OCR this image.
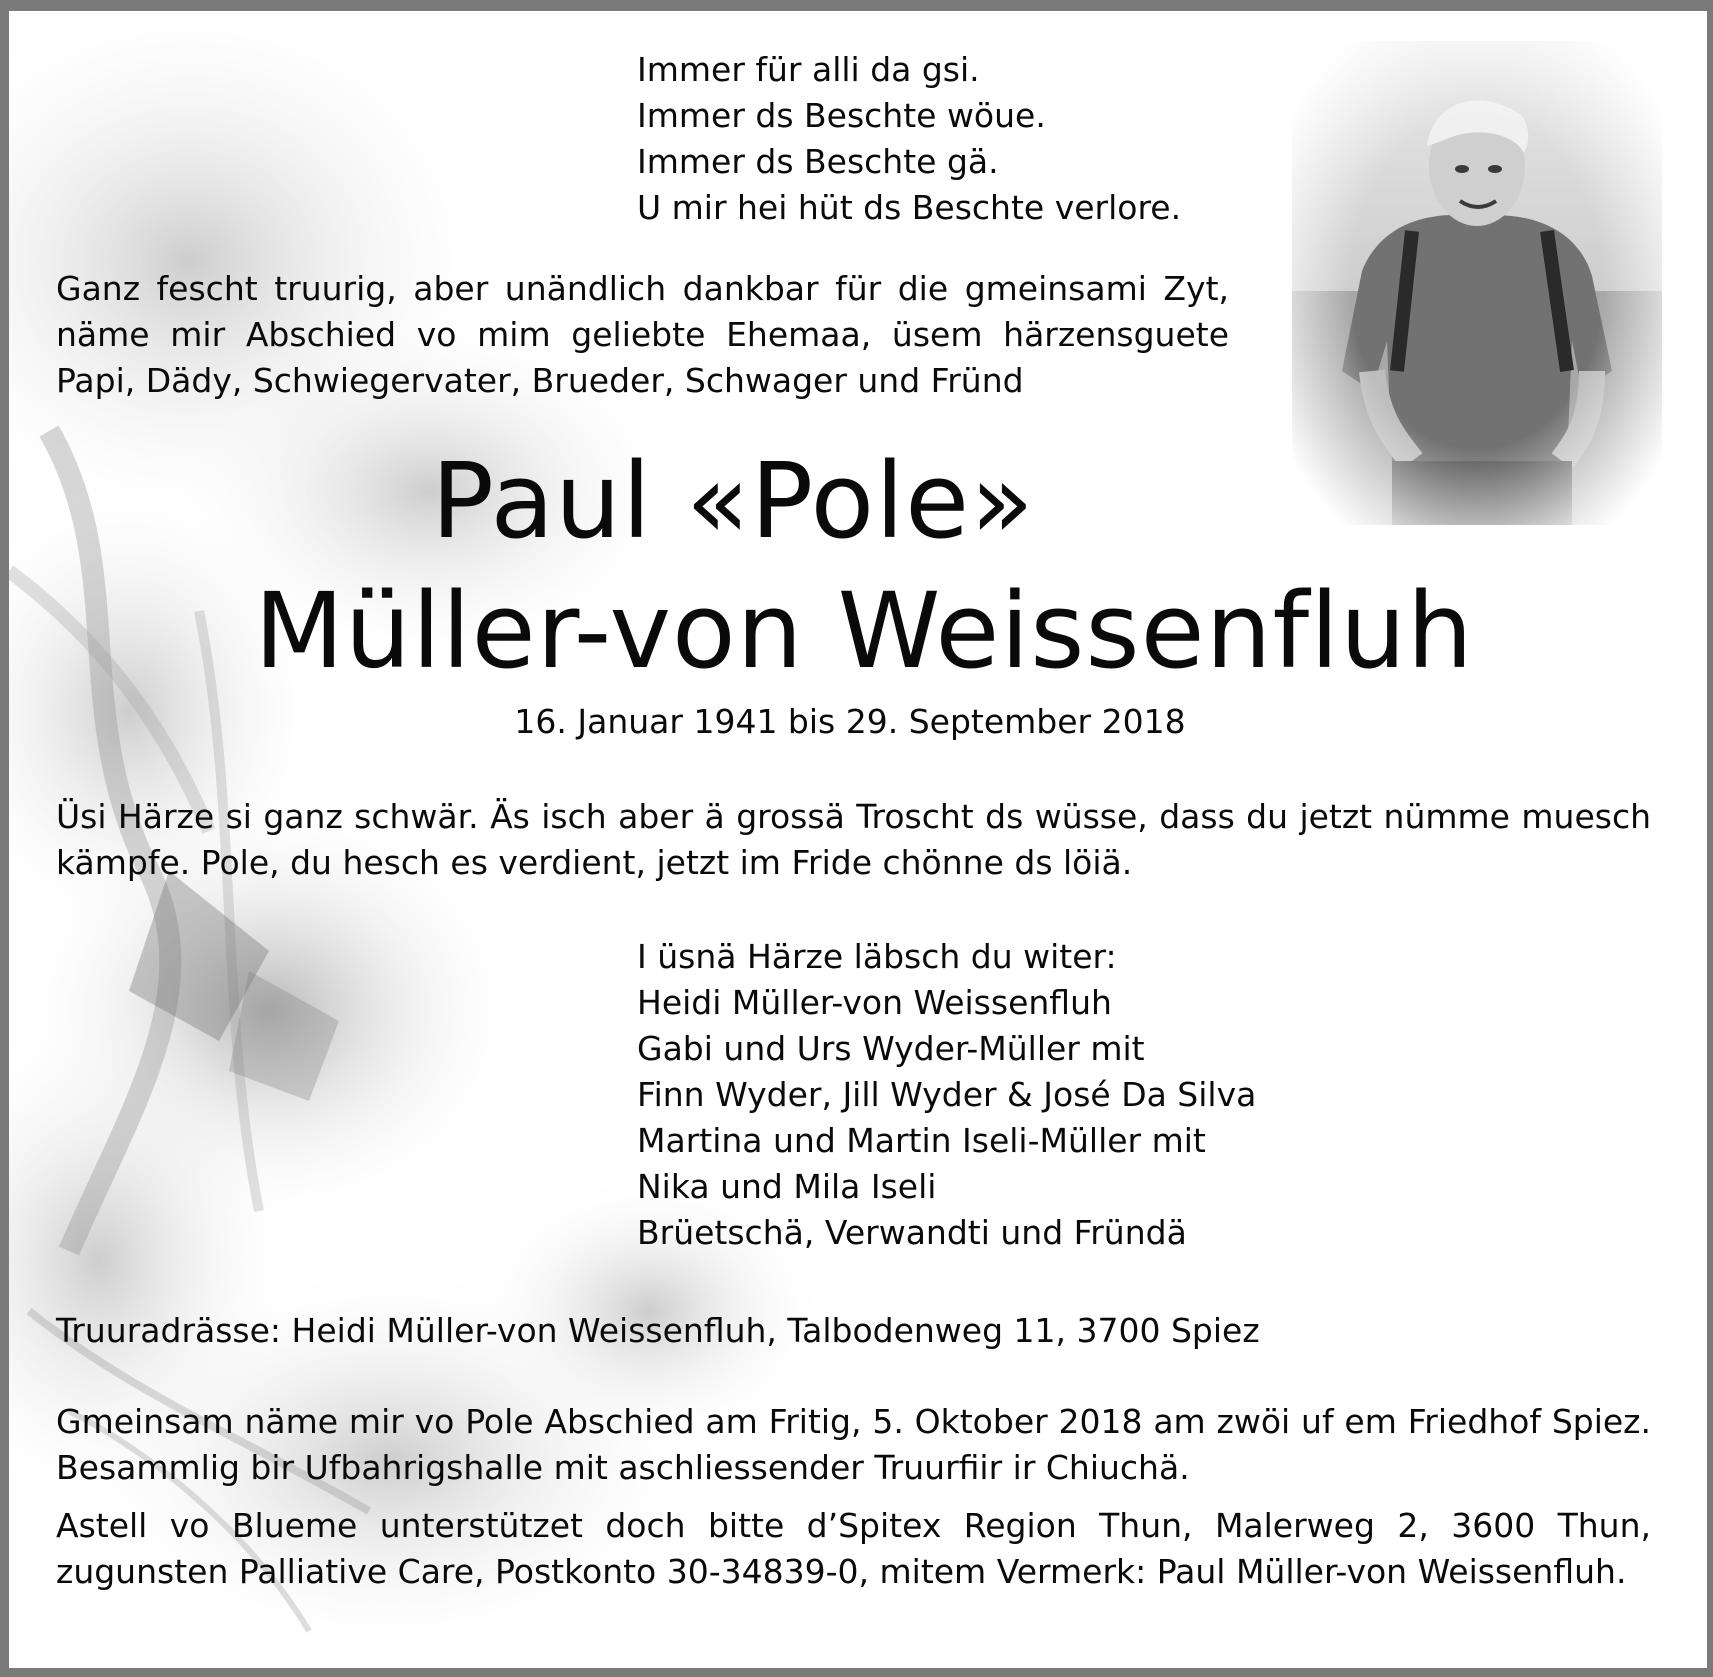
Immer für alli da gsi.
Immer ds Beschte wöue.
Immer ds Beschte gä.
U mir hei hüt ds Beschte verlore.
Ganz fescht truurig, aber unändlich dankbar für die gmeinsami Zyt, näme mir Abschied vo mim geliebte Ehemaa, üsem härzensguete Papi, Dädy, Schwiegervater, Brueder, Schwager und Fründ
Paul «Pole»
Müller-von Weissenfluh
16. Januar 1941 bis 29. September 2018
Üsi Härze si ganz schwär. Äs isch aber ä grossä Troscht ds wüsse, dass du jetzt nümme muesch kämpfe. Pole, du hesch es verdient, jetzt im Fride chönne ds löiä.
I üsnä Härze läbsch du witer:
Heidi Müller-von Weissenfluh
Gabi und Urs Wyder-Müller mit
Finn Wyder, Jill Wyder & José Da Silva
Martina und Martin Iseli-Müller mit
Nika und Mila Iseli
Brüetschä, Verwandti und Fründä
Truuradrässe: Heidi Müller-von Weissenfluh, Talbodenweg 11, 3700 Spiez
Gmeinsam näme mir vo Pole Abschied am Fritig, 5. Oktober 2018 am zwöi uf em Friedhof Spiez. Besammlig bir Ufbahrigshalle mit aschliessender Truurfiir ir Chiuchä.
Astell vo Blueme unterstützet doch bitte d’Spitex Region Thun, Malerweg 2, 3600 Thun, zugunsten Palliative Care, Postkonto 30-34839-0, mitem Vermerk: Paul Müller-von Weissenfluh.
